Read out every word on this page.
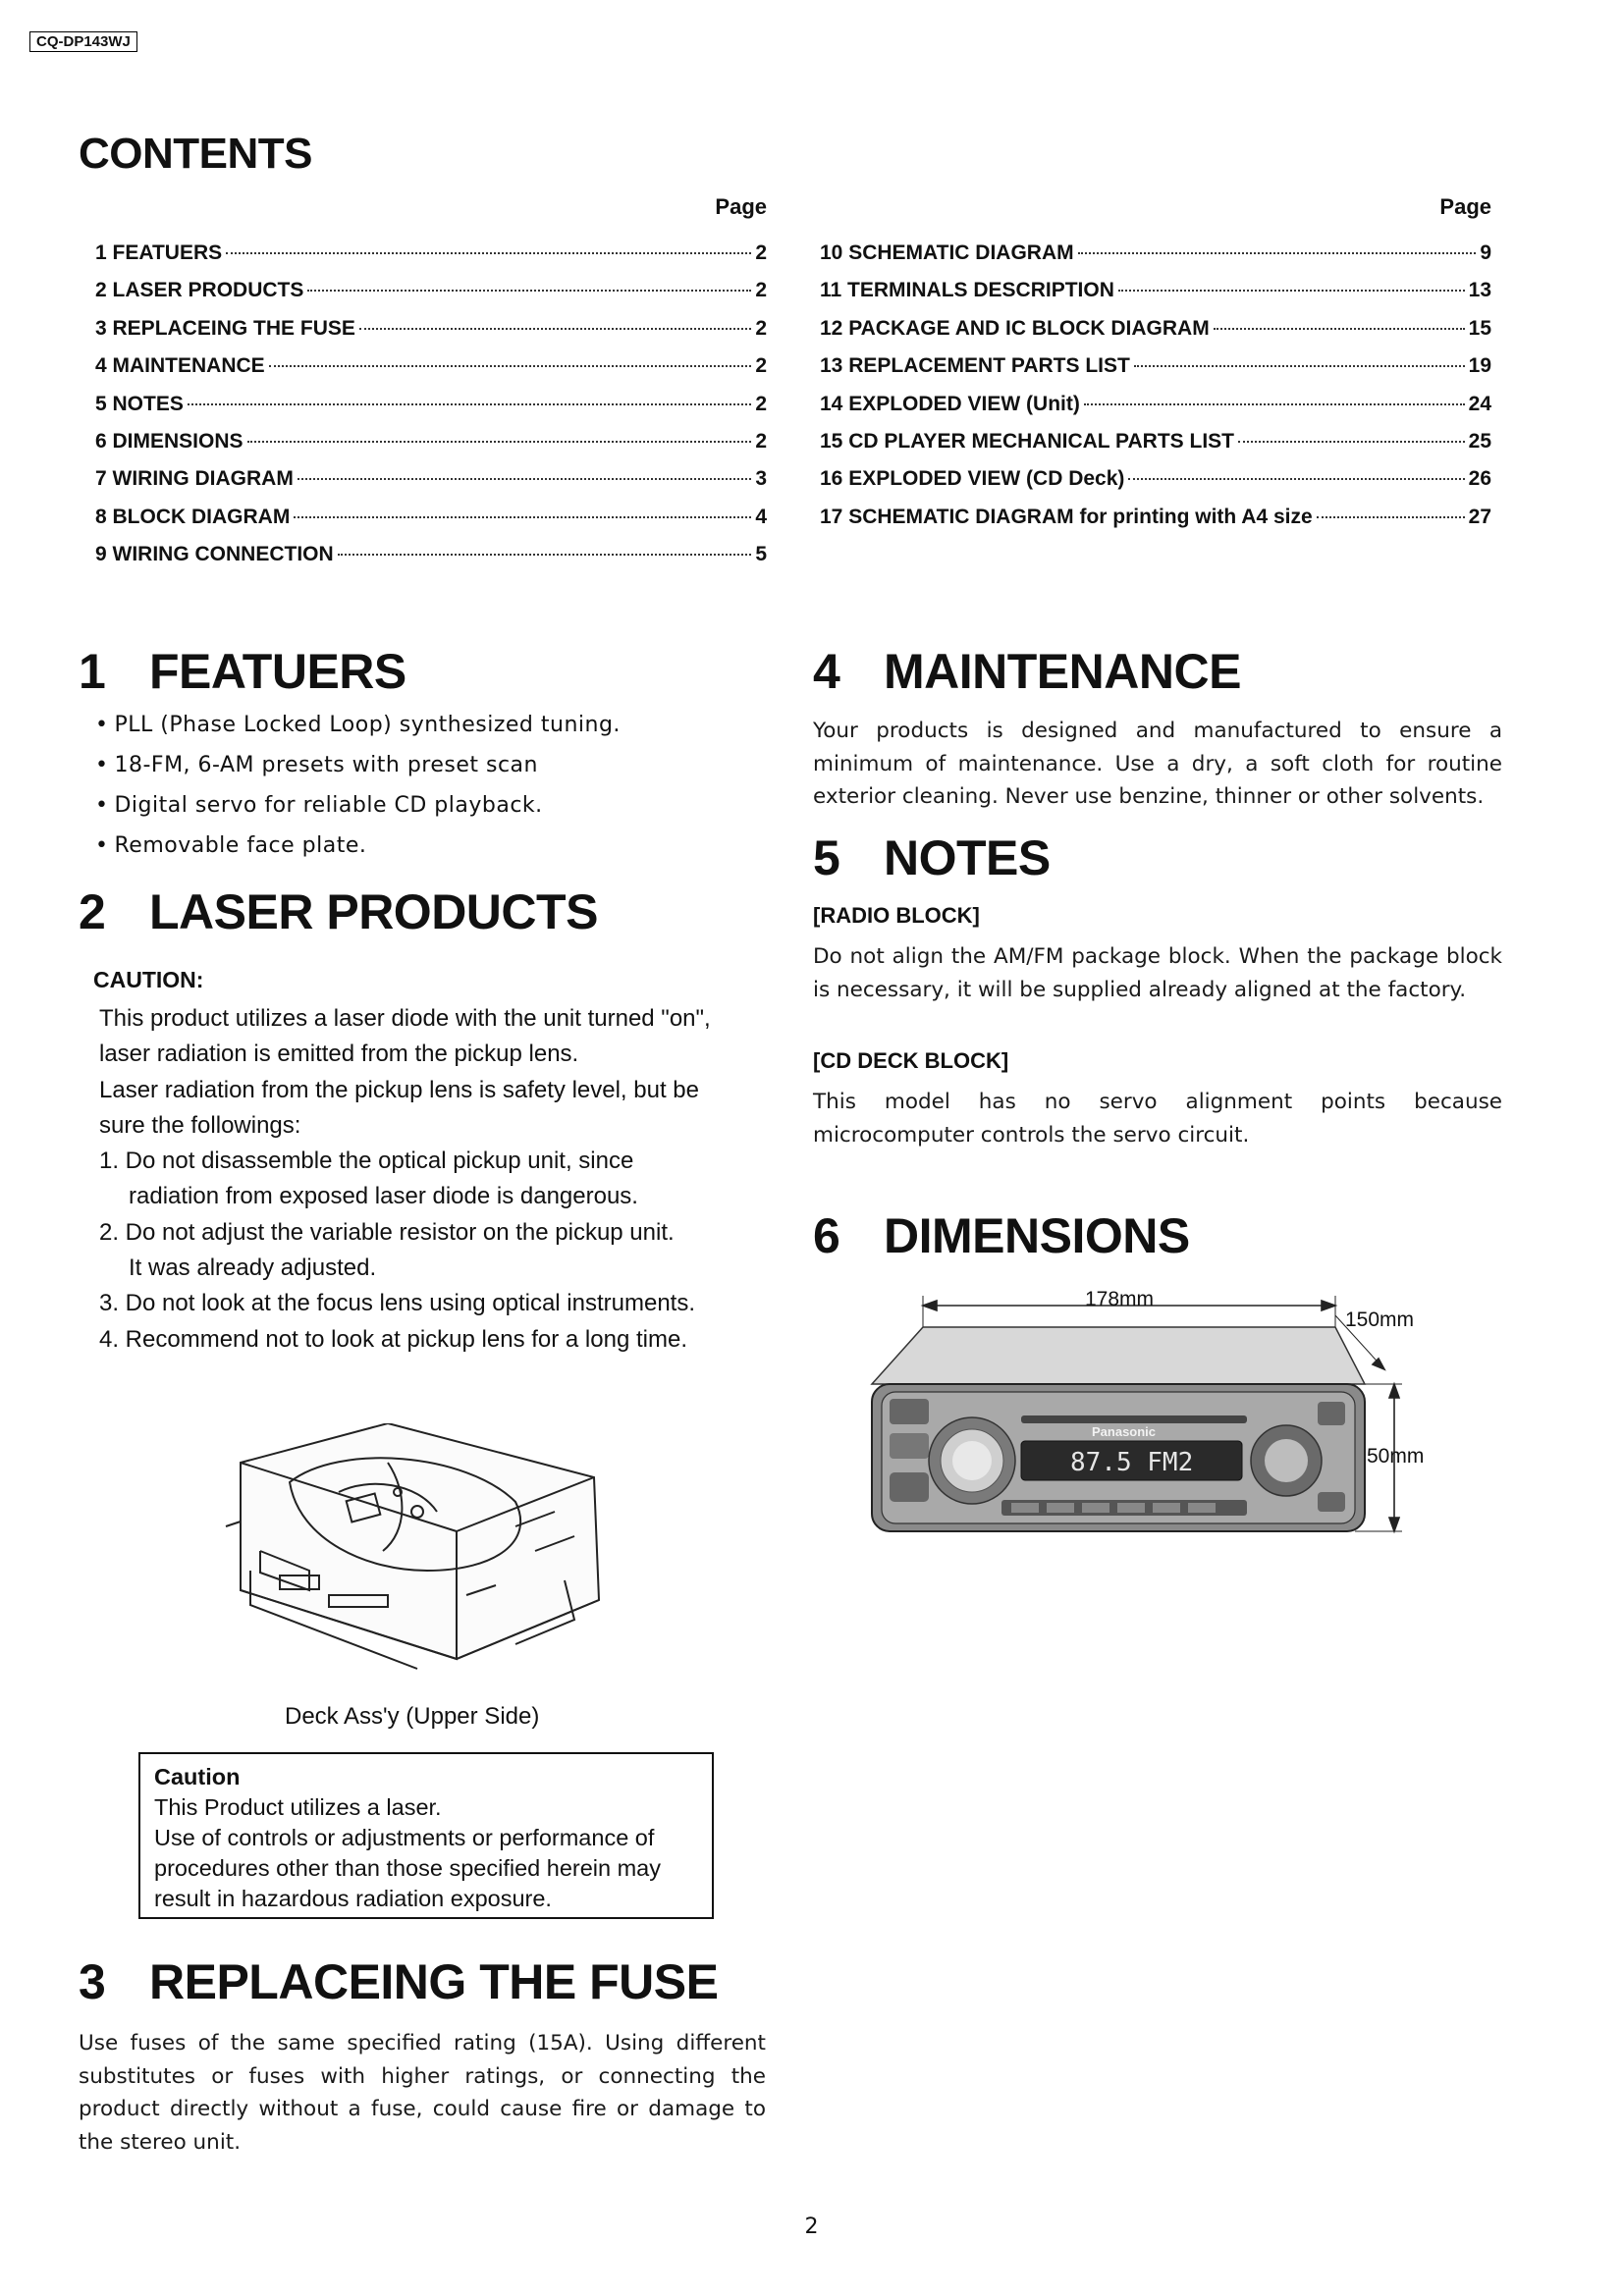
CQ-DP143WJ
CONTENTS
Page
1 FEATUERS	2
2 LASER PRODUCTS	2
3 REPLACEING THE FUSE	2
4 MAINTENANCE	2
5 NOTES	2
6 DIMENSIONS	2
7 WIRING DIAGRAM	3
8 BLOCK DIAGRAM	4
9 WIRING CONNECTION	5
Page
10 SCHEMATIC DIAGRAM	9
11 TERMINALS DESCRIPTION	13
12 PACKAGE AND IC BLOCK DIAGRAM	15
13 REPLACEMENT PARTS LIST	19
14 EXPLODED VIEW (Unit)	24
15 CD PLAYER MECHANICAL PARTS LIST	25
16 EXPLODED VIEW (CD Deck)	26
17 SCHEMATIC DIAGRAM for printing with A4 size	27
1 FEATUERS
• PLL (Phase Locked Loop) synthesized tuning.
• 18-FM, 6-AM presets with preset scan
• Digital servo for reliable CD playback.
• Removable face plate.
2 LASER PRODUCTS
CAUTION:
This product utilizes a laser diode with the unit turned "on",
laser radiation is emitted from the pickup lens.
Laser radiation from the pickup lens is safety level, but be
sure the followings:
1. Do not disassemble the optical pickup unit, since
radiation from exposed laser diode is dangerous.
2. Do not adjust the variable resistor on the pickup unit.
It was already adjusted.
3. Do not look at the focus lens using optical instruments.
4. Recommend not to look at pickup lens for a long time.
Deck Ass'y (Upper Side)
Caution
This Product utilizes a laser.
Use of controls or adjustments or performance of
procedures other than those specified herein may
result in hazardous radiation exposure.
3 REPLACEING THE FUSE
Use fuses of the same specified rating (15A). Using different substitutes or fuses with higher ratings, or connecting the product directly without a fuse, could cause fire or damage to the stereo unit.
4 MAINTENANCE
Your products is designed and manufactured to ensure a minimum of maintenance. Use a dry, a soft cloth for routine exterior cleaning. Never use benzine, thinner or other solvents.
5 NOTES
[RADIO BLOCK]
Do not align the AM/FM package block. When the package block is necessary, it will be supplied already aligned at the factory.
[CD DECK BLOCK]
This model has no servo alignment points because microcomputer controls the servo circuit.
6 DIMENSIONS
178mm
150mm
50mm
87.5 FM2
Panasonic
2
